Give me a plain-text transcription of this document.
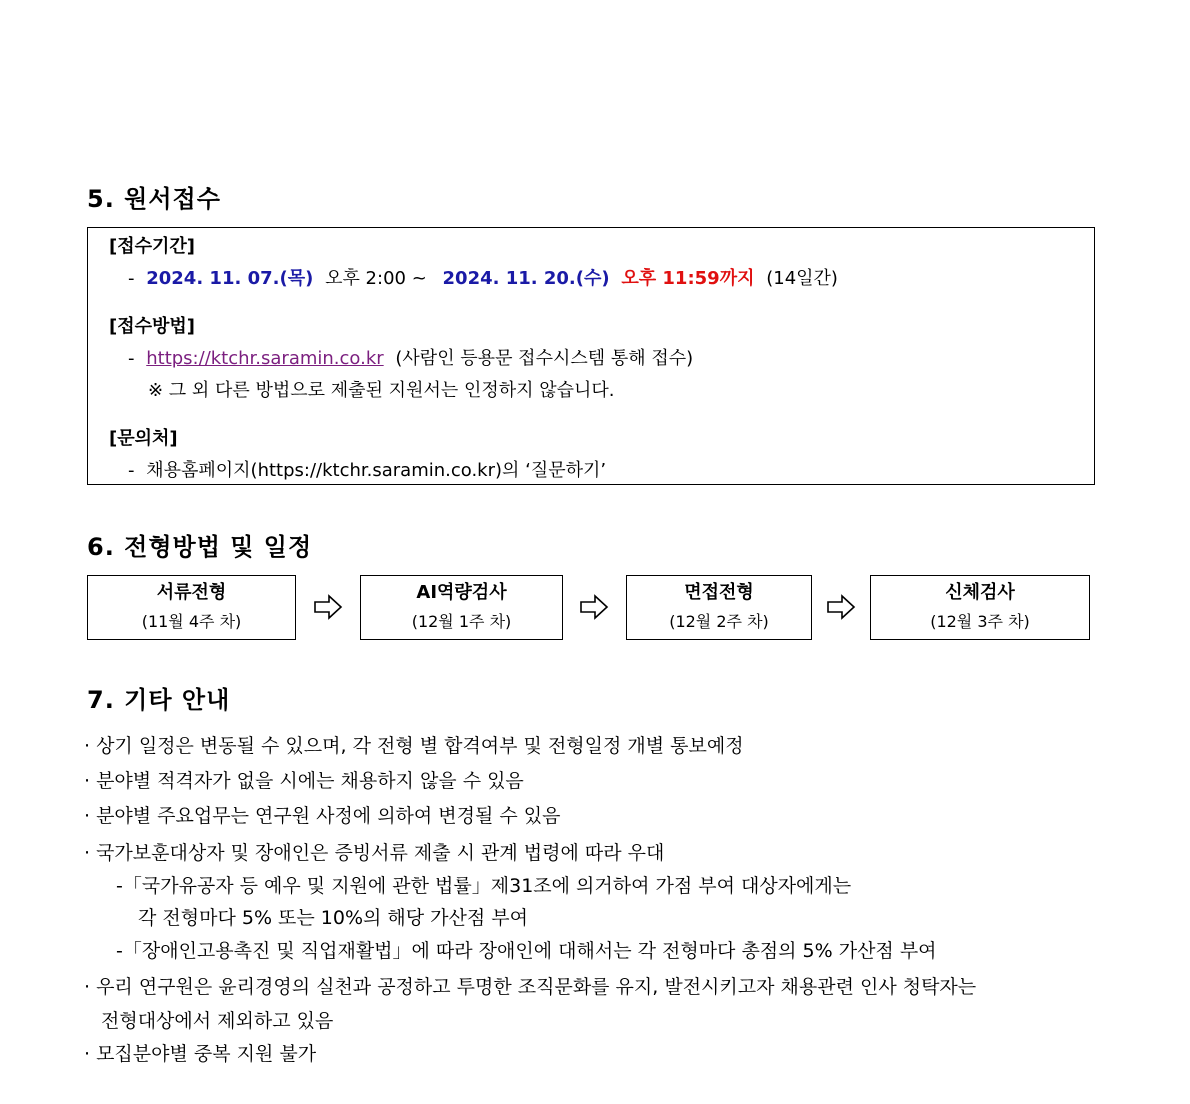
5. 원서접수
[접수기간]
- 2024. 11. 07.(목) 오후 2:00 ~ 2024. 11. 20.(수) 오후 11:59까지 (14일간)
[접수방법]
- https://ktchr.saramin.co.kr (사람인 등용문 접수시스템 통해 접수)
※ 그 외 다른 방법으로 제출된 지원서는 인정하지 않습니다.
[문의처]
- 채용홈페이지(https://ktchr.saramin.co.kr)의 ‘질문하기’
6. 전형방법 및 일정
서류전형
(11월 4주 차)
AI역량검사
(12월 1주 차)
면접전형
(12월 2주 차)
신체검사
(12월 3주 차)
7. 기타 안내
· 상기 일정은 변동될 수 있으며, 각 전형 별 합격여부 및 전형일정 개별 통보예정
· 분야별 적격자가 없을 시에는 채용하지 않을 수 있음
· 분야별 주요업무는 연구원 사정에 의하여 변경될 수 있음
· 국가보훈대상자 및 장애인은 증빙서류 제출 시 관계 법령에 따라 우대
-「국가유공자 등 예우 및 지원에 관한 법률」제31조에 의거하여 가점 부여 대상자에게는
각 전형마다 5% 또는 10%의 해당 가산점 부여
-「장애인고용촉진 및 직업재활법」에 따라 장애인에 대해서는 각 전형마다 총점의 5% 가산점 부여
· 우리 연구원은 윤리경영의 실천과 공정하고 투명한 조직문화를 유지, 발전시키고자 채용관련 인사 청탁자는
전형대상에서 제외하고 있음
· 모집분야별 중복 지원 불가
